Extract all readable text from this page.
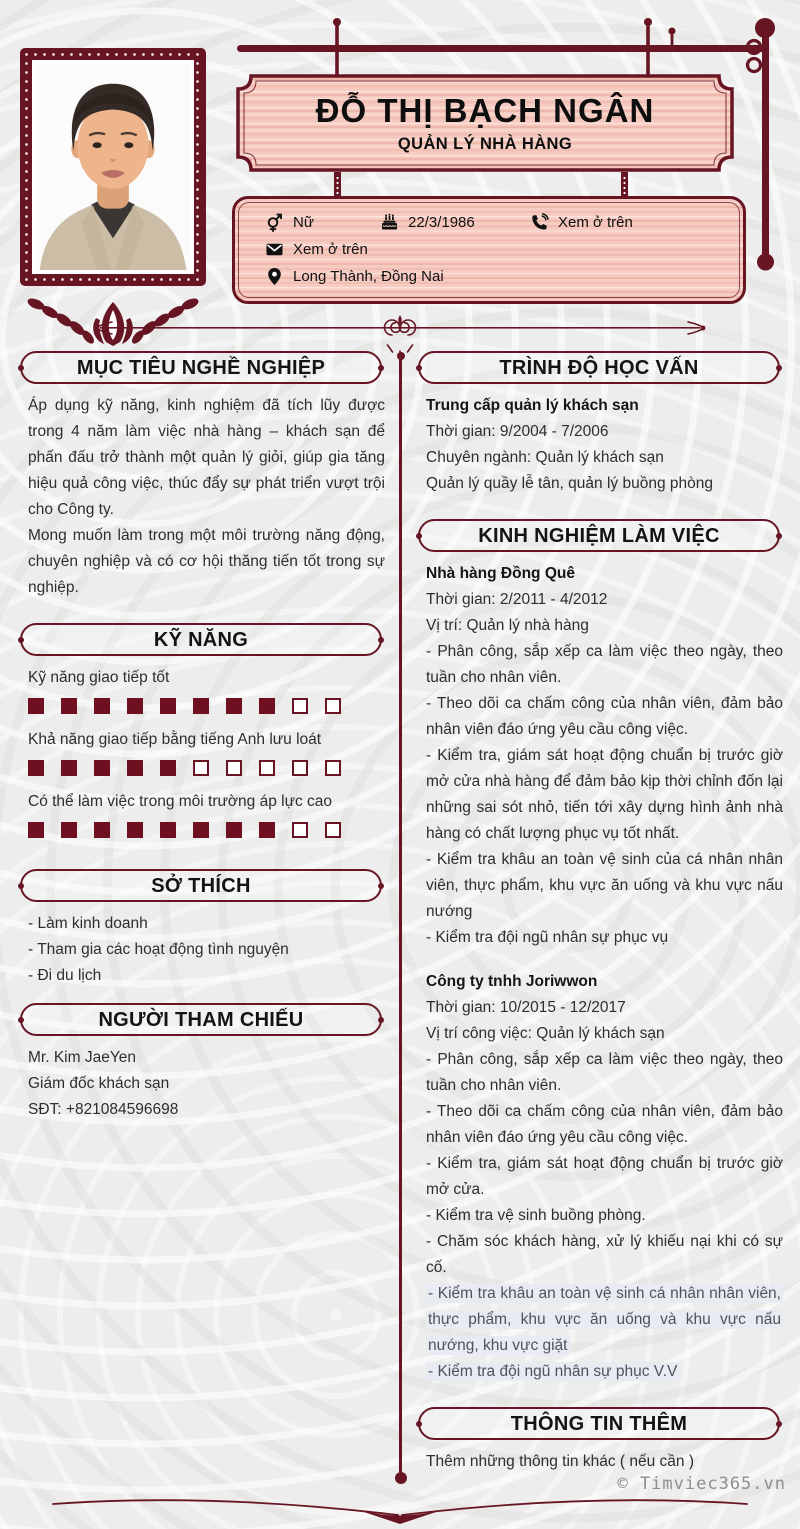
ĐỖ THỊ BẠCH NGÂN
QUẢN LÝ NHÀ HÀNG
Nữ	22/3/1986	Xem ở trên
Xem ở trên
Long Thành, Đồng Nai
MỤC TIÊU NGHỀ NGHIỆP

Áp dụng kỹ năng, kinh nghiệm đã tích lũy được trong 4 năm làm việc nhà hàng – khách sạn để phấn đấu trở thành một quản lý giỏi, giúp gia tăng hiệu quả công việc, thúc đẩy sự phát triển vượt trội cho Công ty.

Mong muốn làm trong một môi trường năng động, chuyên nghiệp và có cơ hội thăng tiến tốt trong sự nghiệp.

KỸ NĂNG
Kỹ năng giao tiếp tốt
Khả năng giao tiếp bằng tiếng Anh lưu loát
Có thể làm việc trong môi trường áp lực cao
SỞ THÍCH

- Làm kinh doanh

- Tham gia các hoạt động tình nguyện

- Đi du lịch

NGƯỜI THAM CHIẾU

Mr. Kim JaeYen

Giám đốc khách sạn

SĐT: +821084596698

TRÌNH ĐỘ HỌC VẤN

Trung cấp quản lý khách sạn

Thời gian: 9/2004 - 7/2006

Chuyên ngành: Quản lý khách sạn

Quản lý quầy lễ tân, quản lý buồng phòng

KINH NGHIỆM LÀM VIỆC

Nhà hàng Đồng Quê

Thời gian: 2/2011 - 4/2012

Vị trí: Quản lý nhà hàng

- Phân công, sắp xếp ca làm việc theo ngày, theo tuần cho nhân viên.

- Theo dõi ca chấm công của nhân viên, đảm bảo nhân viên đáo ứng yêu cầu công việc.

- Kiểm tra, giám sát hoạt động chuẩn bị trước giờ mở cửa nhà hàng để đảm bảo kịp thời chỉnh đốn lại những sai sót nhỏ, tiến tới xây dựng hình ảnh nhà hàng có chất lượng phục vụ tốt nhất.

- Kiểm tra khâu an toàn vệ sinh của cá nhân nhân viên, thực phẩm, khu vực ăn uống và khu vực nấu nướng

- Kiểm tra đội ngũ nhân sự phục vụ

Công ty tnhh Joriwwon

Thời gian: 10/2015 - 12/2017

Vị trí công việc: Quản lý khách sạn

- Phân công, sắp xếp ca làm việc theo ngày, theo tuần cho nhân viên.

- Theo dõi ca chấm công của nhân viên, đảm bảo nhân viên đáo ứng yêu cầu công việc.

- Kiểm tra, giám sát hoạt động chuẩn bị trước giờ mở cửa.

- Kiểm tra vệ sinh buồng phòng.

- Chăm sóc khách hàng, xử lý khiếu nại khi có sự cố.

- Kiểm tra khâu an toàn vệ sinh cá nhân nhân viên, thực phẩm, khu vực ăn uống và khu vực nấu nướng, khu vực giặt

- Kiểm tra đội ngũ nhân sự phục V.V

THÔNG TIN THÊM

Thêm những thông tin khác ( nếu cần )

© Timviec365.vn
